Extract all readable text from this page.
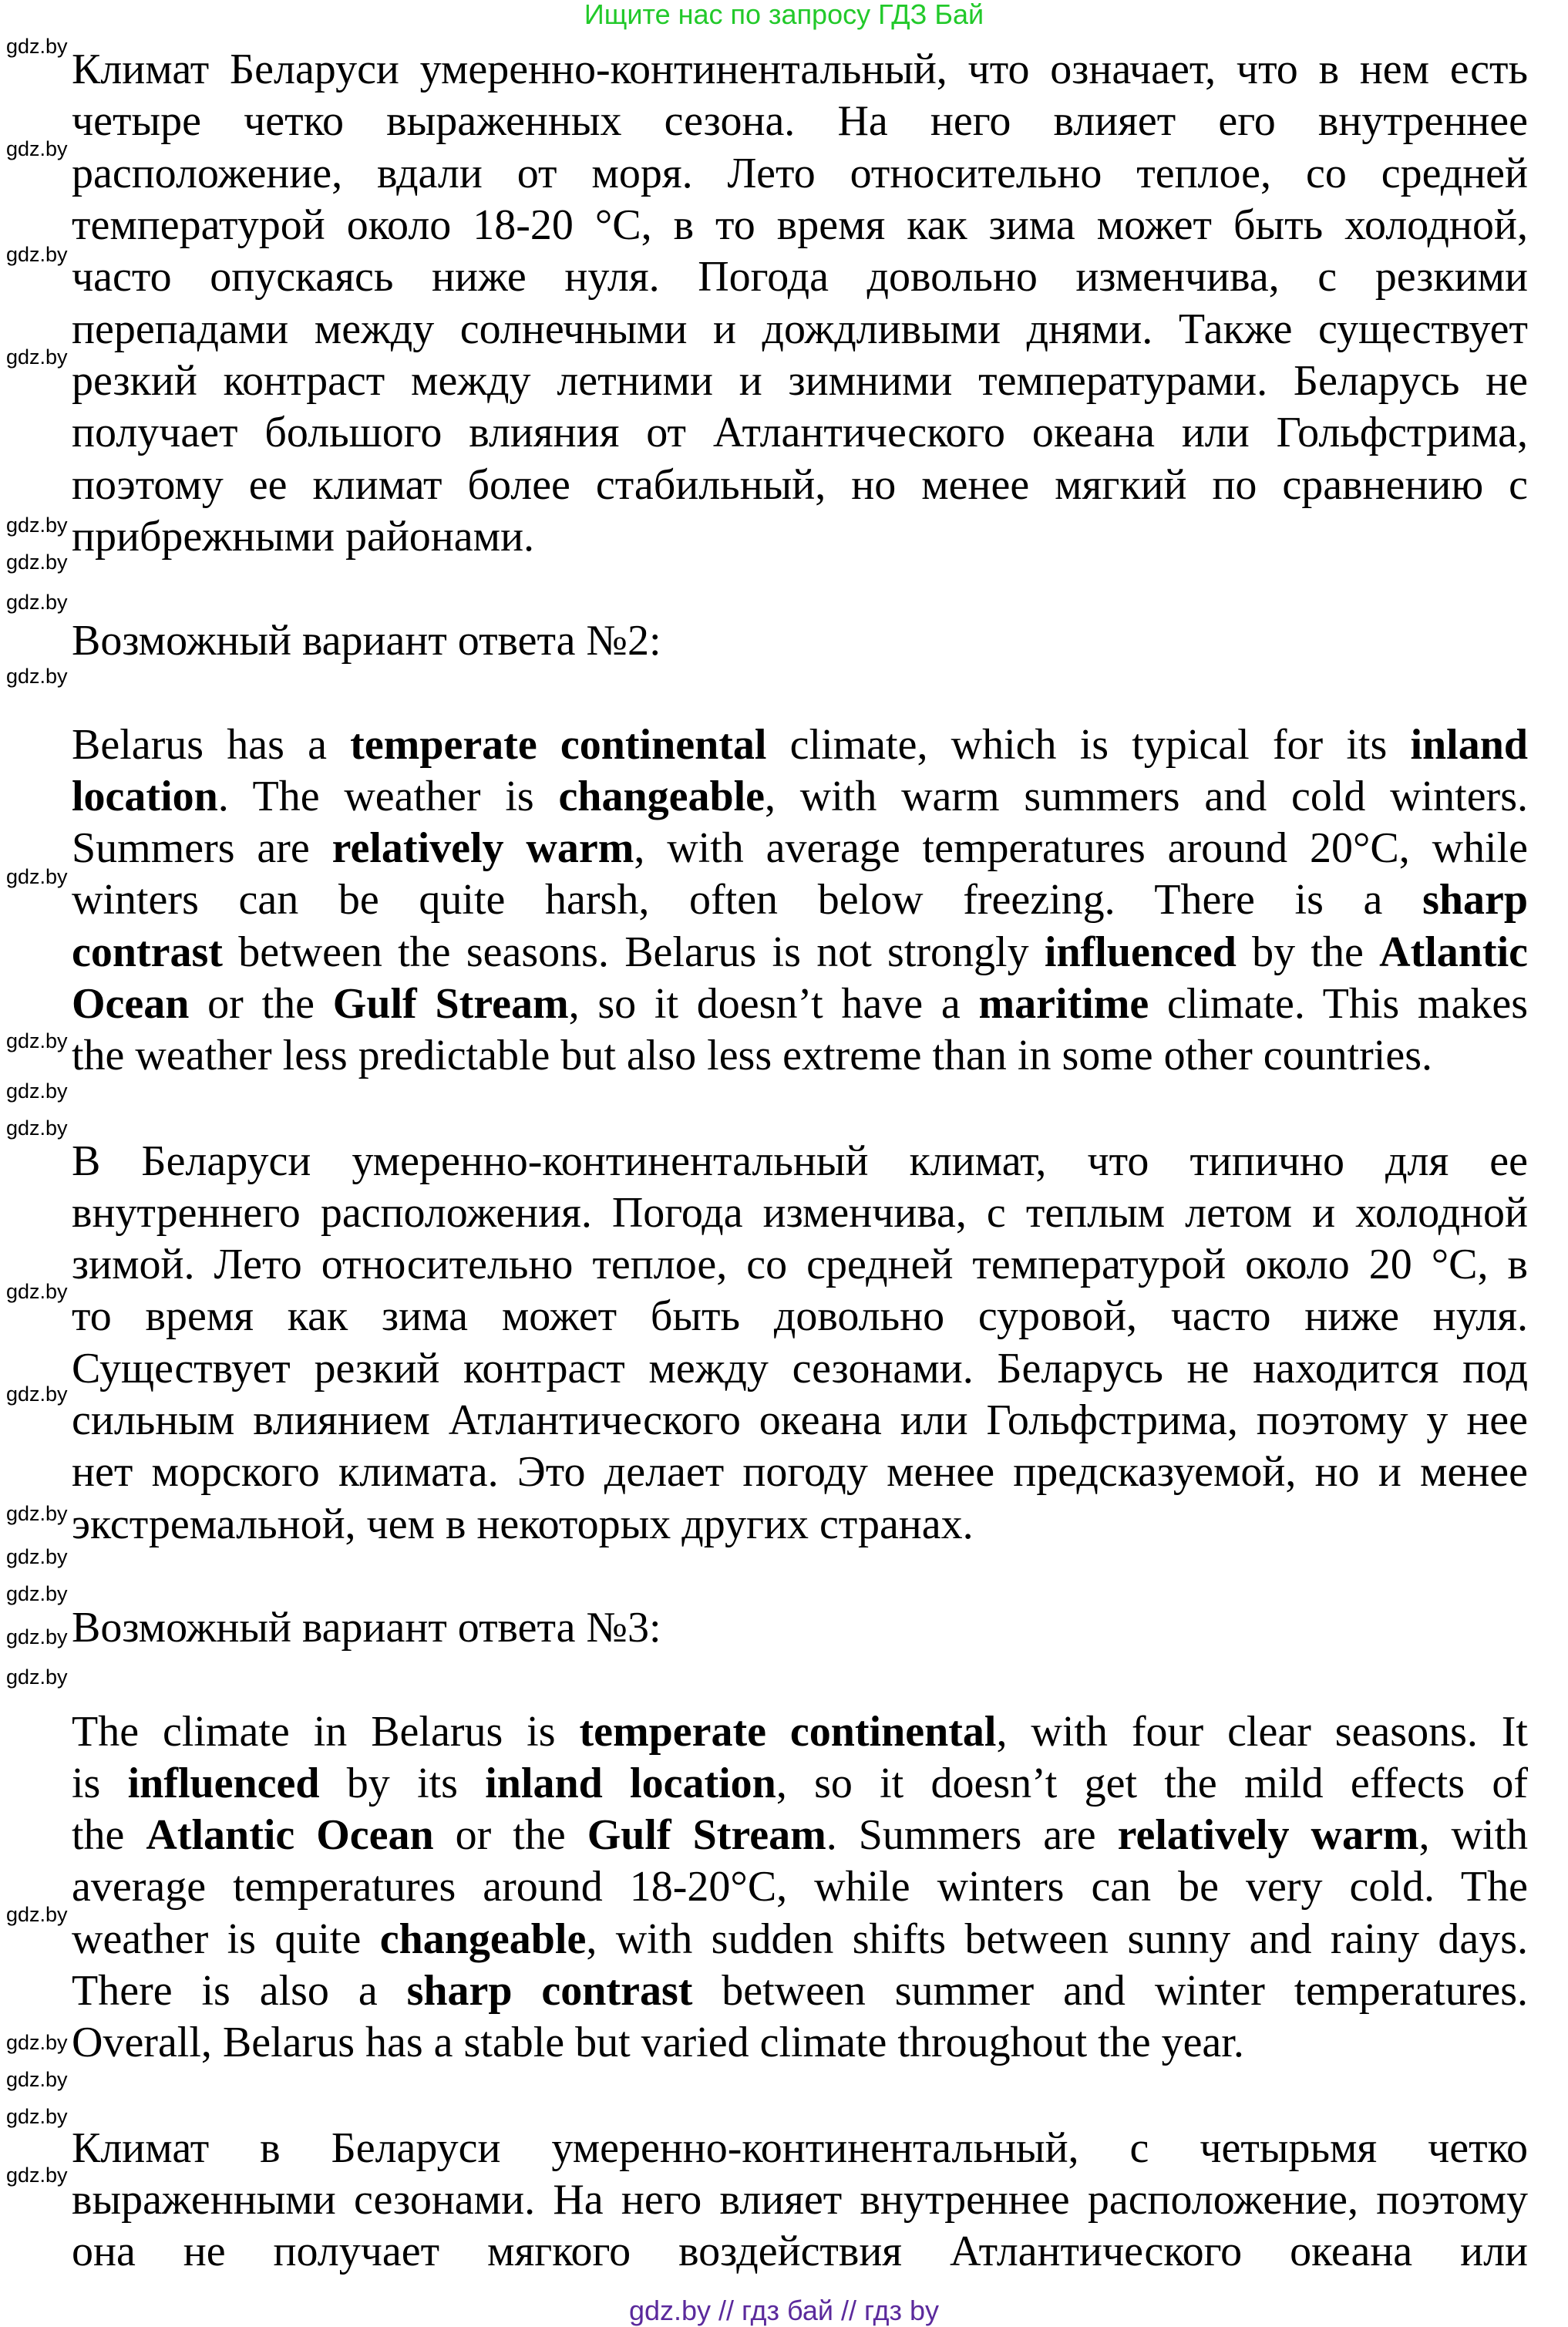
Ищите нас по запросу ГДЗ Бай
Климат Беларуси умеренно-континентальный, что означает, что в нем есть
четыре четко выраженных сезона. На него влияет его внутреннее
расположение, вдали от моря. Лето относительно теплое, со средней
температурой около 18-20 °C, в то время как зима может быть холодной,
часто опускаясь ниже нуля. Погода довольно изменчива, с резкими
перепадами между солнечными и дождливыми днями. Также существует
резкий контраст между летними и зимними температурами. Беларусь не
получает большого влияния от Атлантического океана или Гольфстрима,
поэтому ее климат более стабильный, но менее мягкий по сравнению с
прибрежными районами.
Belarus has a temperate continental climate, which is typical for its inland
location. The weather is changeable, with warm summers and cold winters.
Summers are relatively warm, with average temperatures around 20°C, while
winters can be quite harsh, often below freezing. There is a sharp
contrast between the seasons. Belarus is not strongly influenced by the Atlantic
Ocean or the Gulf Stream, so it doesn’t have a maritime climate. This makes
the weather less predictable but also less extreme than in some other countries.
В Беларуси умеренно-континентальный климат, что типично для ее
внутреннего расположения. Погода изменчива, с теплым летом и холодной
зимой. Лето относительно теплое, со средней температурой около 20 °C, в
то время как зима может быть довольно суровой, часто ниже нуля.
Существует резкий контраст между сезонами. Беларусь не находится под
сильным влиянием Атлантического океана или Гольфстрима, поэтому у нее
нет морского климата. Это делает погоду менее предсказуемой, но и менее
экстремальной, чем в некоторых других странах.
The climate in Belarus is temperate continental, with four clear seasons. It
is influenced by its inland location, so it doesn’t get the mild effects of
the Atlantic Ocean or the Gulf Stream. Summers are relatively warm, with
average temperatures around 18-20°C, while winters can be very cold. The
weather is quite changeable, with sudden shifts between sunny and rainy days.
There is also a sharp contrast between summer and winter temperatures.
Overall, Belarus has a stable but varied climate throughout the year.
Климат в Беларуси умеренно-континентальный, с четырьмя четко
выраженными сезонами. На него влияет внутреннее расположение, поэтому
она не получает мягкого воздействия Атлантического океана или
Возможный вариант ответа №2:
Возможный вариант ответа №3:
gdz.by
gdz.by
gdz.by
gdz.by
gdz.by
gdz.by
gdz.by
gdz.by
gdz.by
gdz.by
gdz.by
gdz.by
gdz.by
gdz.by
gdz.by
gdz.by
gdz.by
gdz.by
gdz.by
gdz.by
gdz.by
gdz.by
gdz.by
gdz.by
gdz.by // гдз бай // гдз by
